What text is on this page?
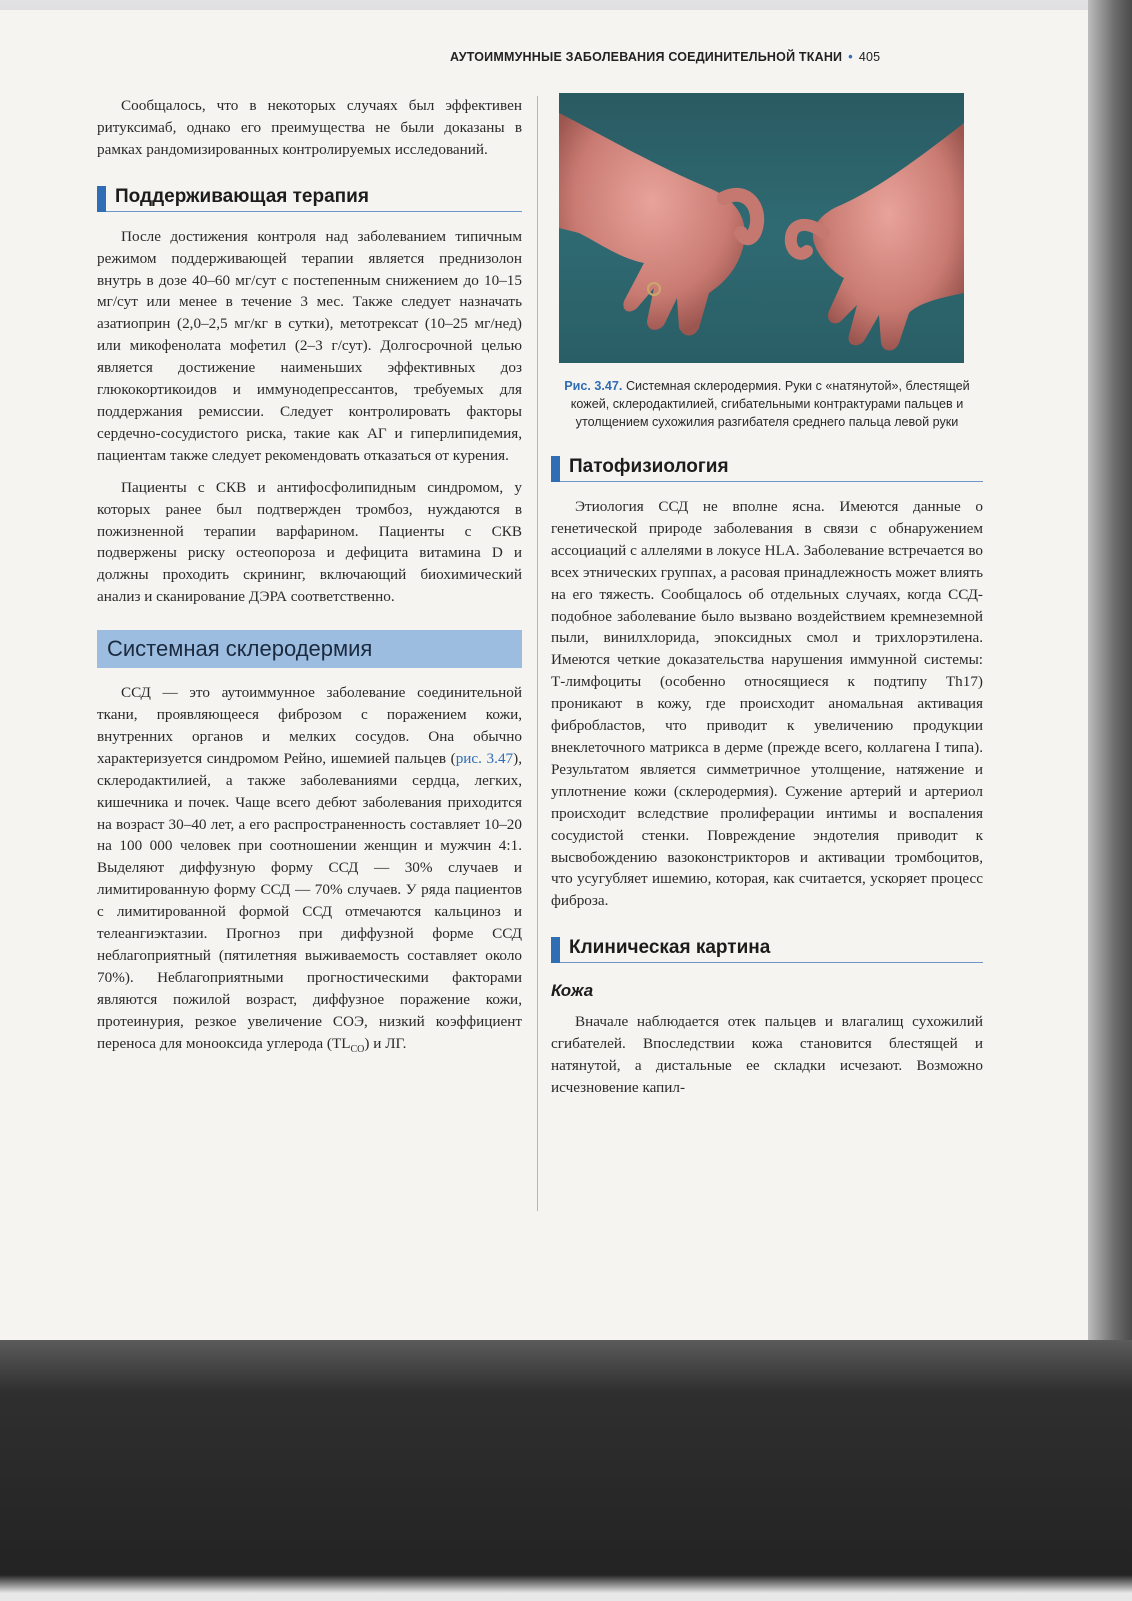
АУТОИММУННЫЕ ЗАБОЛЕВАНИЯ СОЕДИНИТЕЛЬНОЙ ТКАНИ • 405

Сообщалось, что в некоторых случаях был эффективен ритуксимаб, однако его преимущества не были доказаны в рамках рандомизированных контролируемых исследований.

Поддерживающая терапия

После достижения контроля над заболеванием типичным режимом поддерживающей терапии является преднизолон внутрь в дозе 40–60 мг/сут с постепенным снижением до 10–15 мг/сут или менее в течение 3 мес. Также следует назначать азатиоприн (2,0–2,5 мг/кг в сутки), метотрексат (10–25 мг/нед) или микофенолата мофетил (2–3 г/сут). Долгосрочной целью является достижение наименьших эффективных доз глюкокортикоидов и иммунодепрессантов, требуемых для поддержания ремиссии. Следует контролировать факторы сердечно-сосудистого риска, такие как АГ и гиперлипидемия, пациентам также следует рекомендовать отказаться от курения.

Пациенты с СКВ и антифосфолипидным синдромом, у которых ранее был подтвержден тромбоз, нуждаются в пожизненной терапии варфарином. Пациенты с СКВ подвержены риску остеопороза и дефицита витамина D и должны проходить скрининг, включающий биохимический анализ и сканирование ДЭРА соответственно.

Системная склеродермия

ССД — это аутоиммунное заболевание соединительной ткани, проявляющееся фиброзом с поражением кожи, внутренних органов и мелких сосудов. Она обычно характеризуется синдромом Рейно, ишемией пальцев (рис. 3.47), склеродактилией, а также заболеваниями сердца, легких, кишечника и почек. Чаще всего дебют заболевания приходится на возраст 30–40 лет, а его распространенность составляет 10–20 на 100 000 человек при соотношении женщин и мужчин 4:1. Выделяют диффузную форму ССД — 30% случаев и лимитированную форму ССД — 70% случаев. У ряда пациентов с лимитированной формой ССД отмечаются кальциноз и телеангиэктазии. Прогноз при диффузной форме ССД неблагоприятный (пятилетняя выживаемость составляет около 70%). Неблагоприятными прогностическими факторами являются пожилой возраст, диффузное поражение кожи, протеинурия, резкое увеличение СОЭ, низкий коэффициент переноса для монооксида углерода $(TL_{CO})$ и ЛГ.

Рис. 3.47. Системная склеродермия. Руки с «натянутой», блестящей кожей, склеродактилией, сгибательными контрактурами пальцев и утолщением сухожилия разгибателя среднего пальца левой руки
Патофизиология

Этиология ССД не вполне ясна. Имеются данные о генетической природе заболевания в связи с обнаружением ассоциаций с аллелями в локусе HLA. Заболевание встречается во всех этнических группах, а расовая принадлежность может влиять на его тяжесть. Сообщалось об отдельных случаях, когда ССД-подобное заболевание было вызвано воздействием кремнеземной пыли, винилхлорида, эпоксидных смол и трихлорэтилена. Имеются четкие доказательства нарушения иммунной системы: Т-лимфоциты (особенно относящиеся к подтипу Th17) проникают в кожу, где происходит аномальная активация фибробластов, что приводит к увеличению продукции внеклеточного матрикса в дерме (прежде всего, коллагена I типа). Результатом является симметричное утолщение, натяжение и уплотнение кожи (склеродермия). Сужение артерий и артериол происходит вследствие пролиферации интимы и воспаления сосудистой стенки. Повреждение эндотелия приводит к высвобождению вазоконстрикторов и активации тромбоцитов, что усугубляет ишемию, которая, как считается, ускоряет процесс фиброза.

Клиническая картина
Кожа

Вначале наблюдается отек пальцев и влагалищ сухожилий сгибателей. Впоследствии кожа становится блестящей и натянутой, а дистальные ее складки исчезают. Возможно исчезновение капил-
